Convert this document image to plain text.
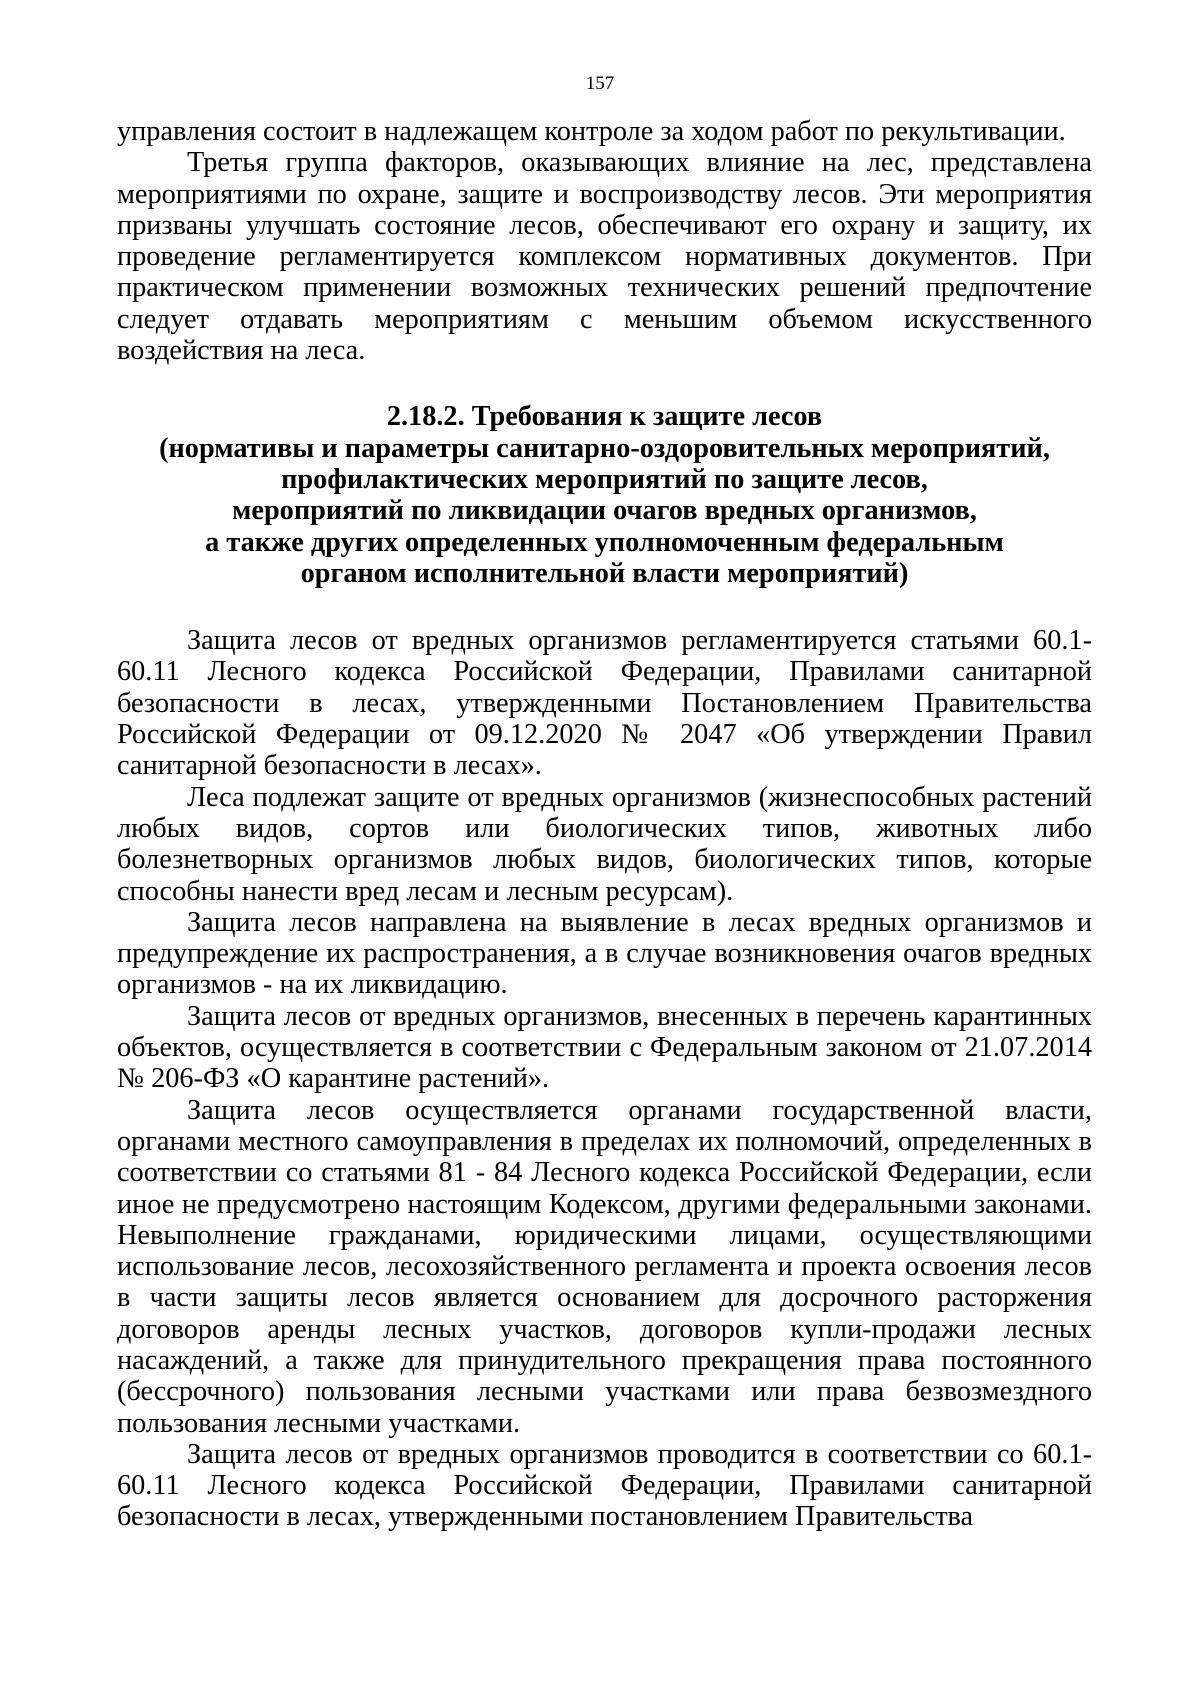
157

управления состоит в надлежащем контроле за ходом работ по рекультивации.

Третья группа факторов, оказывающих влияние на лес, представлена мероприятиями по охране, защите и воспроизводству лесов. Эти мероприятия призваны улучшать состояние лесов, обеспечивают его охрану и защиту, их проведение регламентируется комплексом нормативных документов. При практическом применении возможных технических решений предпочтение следует отдавать мероприятиям с меньшим объемом искусственного воздействия на леса.

2.18.2. Требования к защите лесов
(нормативы и параметры санитарно-оздоровительных мероприятий,
профилактических мероприятий по защите лесов,
мероприятий по ликвидации очагов вредных организмов,
а также других определенных уполномоченным федеральным
органом исполнительной власти мероприятий)

Защита лесов от вредных организмов регламентируется статьями 60.1-60.11 Лесного кодекса Российской Федерации, Правилами санитарной безопасности в лесах, утвержденными Постановлением Правительства Российской Федерации от 09.12.2020 № 2047 «Об утверждении Правил санитарной безопасности в лесах».

Леса подлежат защите от вредных организмов (жизнеспособных растений любых видов, сортов или биологических типов, животных либо болезнетворных организмов любых видов, биологических типов, которые способны нанести вред лесам и лесным ресурсам).

Защита лесов направлена на выявление в лесах вредных организмов и предупреждение их распространения, а в случае возникновения очагов вредных организмов - на их ликвидацию.

Защита лесов от вредных организмов, внесенных в перечень карантинных объектов, осуществляется в соответствии с Федеральным законом от 21.07.2014 № 206-ФЗ «О карантине растений».

Защита лесов осуществляется органами государственной власти, органами местного самоуправления в пределах их полномочий, определенных в соответствии со статьями 81 - 84 Лесного кодекса Российской Федерации, если иное не предусмотрено настоящим Кодексом, другими федеральными законами. Невыполнение гражданами, юридическими лицами, осуществляющими использование лесов, лесохозяйственного регламента и проекта освоения лесов в части защиты лесов является основанием для досрочного расторжения договоров аренды лесных участков, договоров купли-продажи лесных насаждений, а также для принудительного прекращения права постоянного (бессрочного) пользования лесными участками или права безвозмездного пользования лесными участками.

Защита лесов от вредных организмов проводится в соответствии со 60.1-60.11 Лесного кодекса Российской Федерации, Правилами санитарной безопасности в лесах, утвержденными постановлением Правительства
